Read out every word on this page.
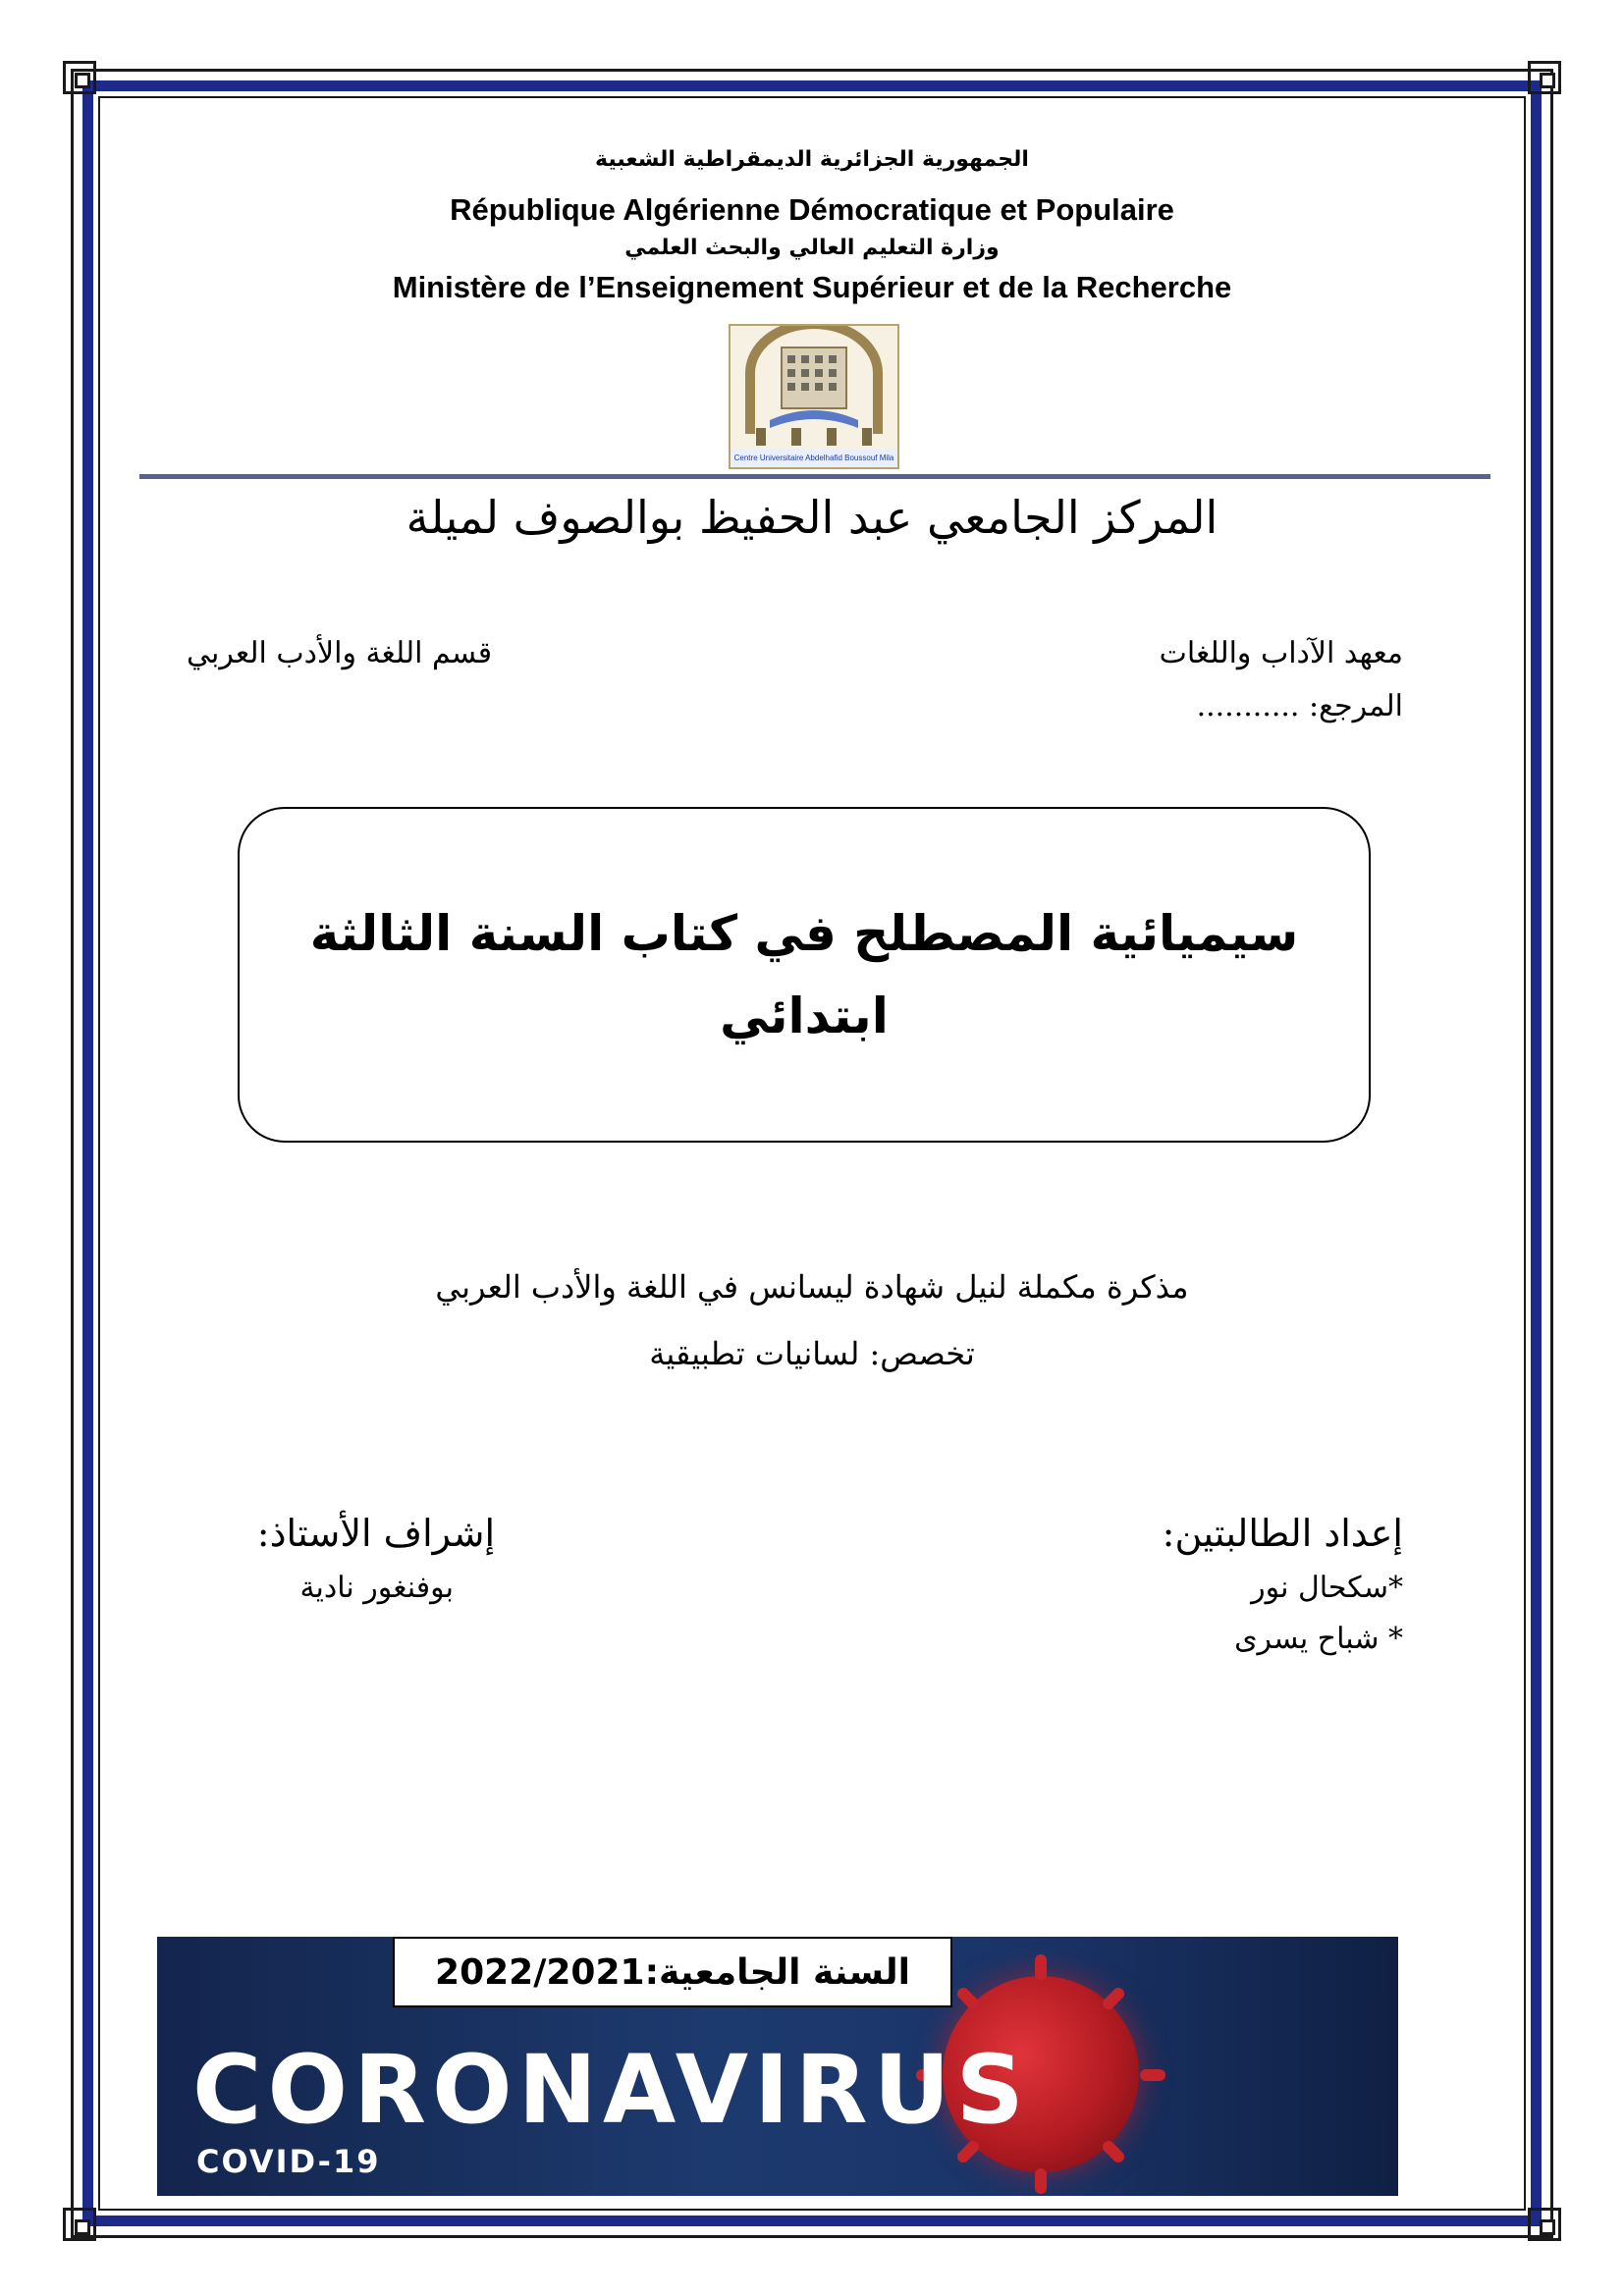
الجمهورية الجزائرية الديمقراطية الشعبية
République Algérienne Démocratique et Populaire
وزارة التعليم العالي والبحث العلمي
Ministère de l’Enseignement Supérieur et de la Recherche
Centre Universitaire Abdelhafid Boussouf Mila
المركز الجامعي عبد الحفيظ بوالصوف لميلة
معهد الآداب واللغات
قسم اللغة والأدب العربي
المرجع: ...........
سيميائية المصطلح في كتاب السنة الثالثة
ابتدائي
مذكرة مكملة لنيل شهادة ليسانس في اللغة والأدب العربي
تخصص: لسانيات تطبيقية
إعداد الطالبتين:
*سكحال نور
* شباح يسرى
إشراف الأستاذ:
بوفنغور نادية
السنة الجامعية:2022/2021
CORONAVIRUS
COVID-19
